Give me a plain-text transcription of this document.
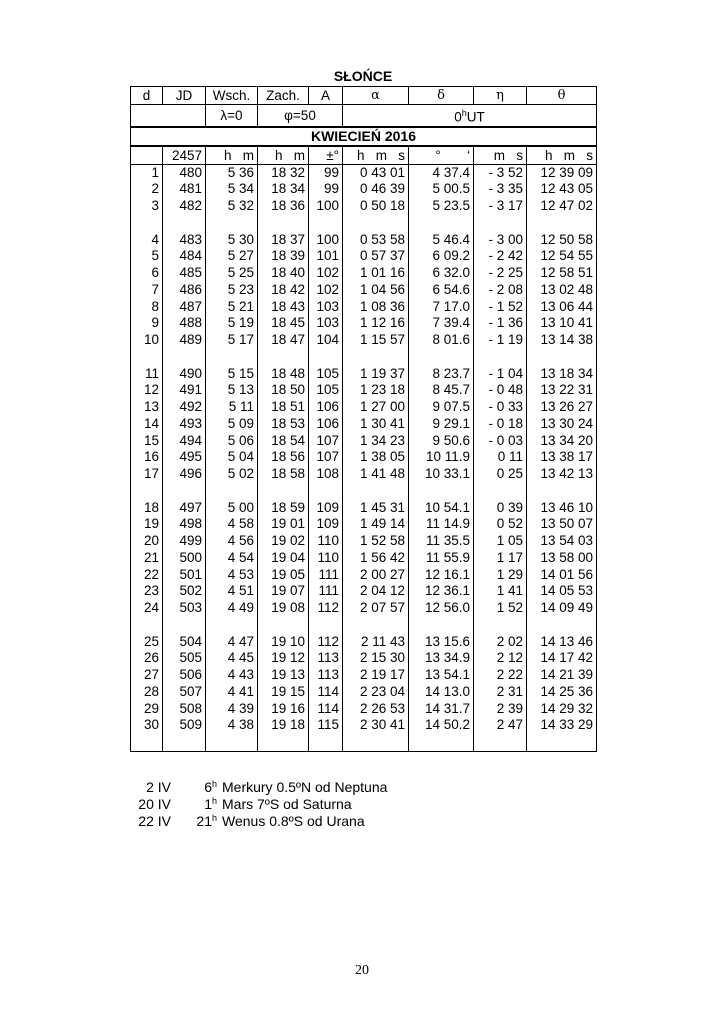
SŁOŃCE
d	JD	Wsch.	Zach.	A	α	δ	η	θ
		λ=0	φ=50		0$^h$UT			
KWIECIEŃ 2016								
	2457	h   m	h   m	±°	h   m   s	°       ‘	m   s	h   m   s
1	480	5 36	18 32	99	0 43 01	4 37.4	- 3 52	12 39 09
2	481	5 34	18 34	99	0 46 39	5 00.5	- 3 35	12 43 05
3	482	5 32	18 36	100	0 50 18	5 23.5	- 3 17	12 47 02

4	483	5 30	18 37	100	0 53 58	5 46.4	- 3 00	12 50 58
5	484	5 27	18 39	101	0 57 37	6 09.2	- 2 42	12 54 55
6	485	5 25	18 40	102	1 01 16	6 32.0	- 2 25	12 58 51
7	486	5 23	18 42	102	1 04 56	6 54.6	- 2 08	13 02 48
8	487	5 21	18 43	103	1 08 36	7 17.0	- 1 52	13 06 44
9	488	5 19	18 45	103	1 12 16	7 39.4	- 1 36	13 10 41
10	489	5 17	18 47	104	1 15 57	8 01.6	- 1 19	13 14 38

11	490	5 15	18 48	105	1 19 37	8 23.7	- 1 04	13 18 34
12	491	5 13	18 50	105	1 23 18	8 45.7	- 0 48	13 22 31
13	492	5 11	18 51	106	1 27 00	9 07.5	- 0 33	13 26 27
14	493	5 09	18 53	106	1 30 41	9 29.1	- 0 18	13 30 24
15	494	5 06	18 54	107	1 34 23	9 50.6	- 0 03	13 34 20
16	495	5 04	18 56	107	1 38 05	10 11.9	0 11	13 38 17
17	496	5 02	18 58	108	1 41 48	10 33.1	0 25	13 42 13

18	497	5 00	18 59	109	1 45 31	10 54.1	0 39	13 46 10
19	498	4 58	19 01	109	1 49 14	11 14.9	0 52	13 50 07
20	499	4 56	19 02	110	1 52 58	11 35.5	1 05	13 54 03
21	500	4 54	19 04	110	1 56 42	11 55.9	1 17	13 58 00
22	501	4 53	19 05	111	2 00 27	12 16.1	1 29	14 01 56
23	502	4 51	19 07	111	2 04 12	12 36.1	1 41	14 05 53
24	503	4 49	19 08	112	2 07 57	12 56.0	1 52	14 09 49

25	504	4 47	19 10	112	2 11 43	13 15.6	2 02	14 13 46
26	505	4 45	19 12	113	2 15 30	13 34.9	2 12	14 17 42
27	506	4 43	19 13	113	2 19 17	13 54.1	2 22	14 21 39
28	507	4 41	19 15	114	2 23 04	14 13.0	2 31	14 25 36
29	508	4 39	19 16	114	2 26 53	14 31.7	2 39	14 29 32
30	509	4 38	19 18	115	2 30 41	14 50.2	2 47	14 33 29

2 IV	6$^h$ Merkury 0.5ºN od Neptuna
20 IV	1$^h$ Mars 7ºS od Saturna
22 IV	21$^h$ Wenus 0.8ºS od Urana
20
